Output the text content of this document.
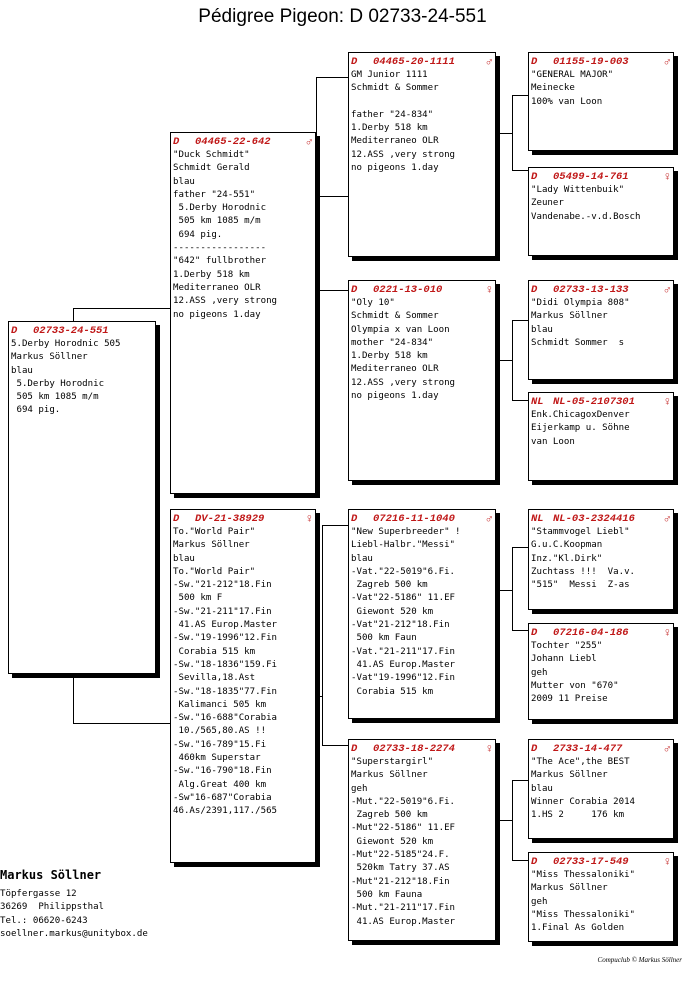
Pédigree Pigeon: D 02733-24-551
D	02733-24-551
5.Derby Horodnic 505
Markus Söllner
blau
5.Derby Horodnic
505 km 1085 m/m
694 pig.
D	04465-22-642	♂
"Duck Schmidt"
Schmidt Gerald
blau
father "24-551"
5.Derby Horodnic
505 km 1085 m/m
694 pig.
-----------------
"642" fullbrother
1.Derby 518 km
Mediterraneo OLR
12.ASS ,very strong
no pigeons 1.day
D	DV-21-38929	♀
To."World Pair"
Markus Söllner
blau
To."World Pair"
-Sw."21-212"18.Fin
500 km F
-Sw."21-211"17.Fin
41.AS Europ.Master
-Sw."19-1996"12.Fin
Corabia 515 km
-Sw."18-1836"159.Fi
Sevilla,18.Ast
-Sw."18-1835"77.Fin
Kalimanci 505 km
-Sw."16-688"Corabia
10./565,80.AS !!
-Sw."16-789"15.Fi
460km Superstar
-Sw."16-790"18.Fin
Alg.Great 400 km
-Sw"16-687"Corabia
46.As/2391,117./565
D	04465-20-1111	♂
GM Junior 1111
Schmidt & Sommer

father "24-834"
1.Derby 518 km
Mediterraneo OLR
12.ASS ,very strong
no pigeons 1.day
D	0221-13-010	♀
"Oly 10"
Schmidt & Sommer
Olympia x van Loon
mother "24-834"
1.Derby 518 km
Mediterraneo OLR
12.ASS ,very strong
no pigeons 1.day
D	07216-11-1040	♂
"New Superbreeder" !
Liebl-Halbr."Messi"
blau
-Vat."22-5019"6.Fi.
Zagreb 500 km
-Vat"22-5186" 11.EF
Giewont 520 km
-Vat"21-212"18.Fin
500 km Faun
-Vat."21-211"17.Fin
41.AS Europ.Master
-Vat"19-1996"12.Fin
Corabia 515 km
D	02733-18-2274	♀
"Superstargirl"
Markus Söllner
geh
-Mut."22-5019"6.Fi.
Zagreb 500 km
-Mut"22-5186" 11.EF
Giewont 520 km
-Mut"22-5185"24.F.
520km Tatry 37.AS
-Mut"21-212"18.Fin
500 km Fauna
-Mut."21-211"17.Fin
41.AS Europ.Master
D	01155-19-003	♂
"GENERAL MAJOR"
Meinecke
100% van Loon
D	05499-14-761	♀
"Lady Wittenbuik"
Zeuner
Vandenabe.-v.d.Bosch
D	02733-13-133	♂
"Didi Olympia 808"
Markus Söllner
blau
Schmidt Sommer  s
NL NL-05-2107301	♀
Enk.ChicagoxDenver
Eijerkamp u. Söhne
van Loon
NL NL-03-2324416	♂
"Stammvogel Liebl"
G.u.C.Koopman
Inz."Kl.Dirk"
Zuchtass !!!  Va.v.
"515"  Messi  Z-as
D	07216-04-186	♀
Tochter "255"
Johann Liebl
geh
Mutter von "670"
2009 11 Preise
D	2733-14-477	♂
"The Ace",the BEST
Markus Söllner
blau
Winner Corabia 2014
1.HS 2     176 km
D	02733-17-549	♀
"Miss Thessaloniki"
Markus Söllner
geh
"Miss Thessaloniki"
1.Final As Golden
Markus Söllner
Töpfergasse 12
36269  Philippsthal
Tel.: 06620-6243
soellner.markus@unitybox.de
Compuclub © Markus Söllner
